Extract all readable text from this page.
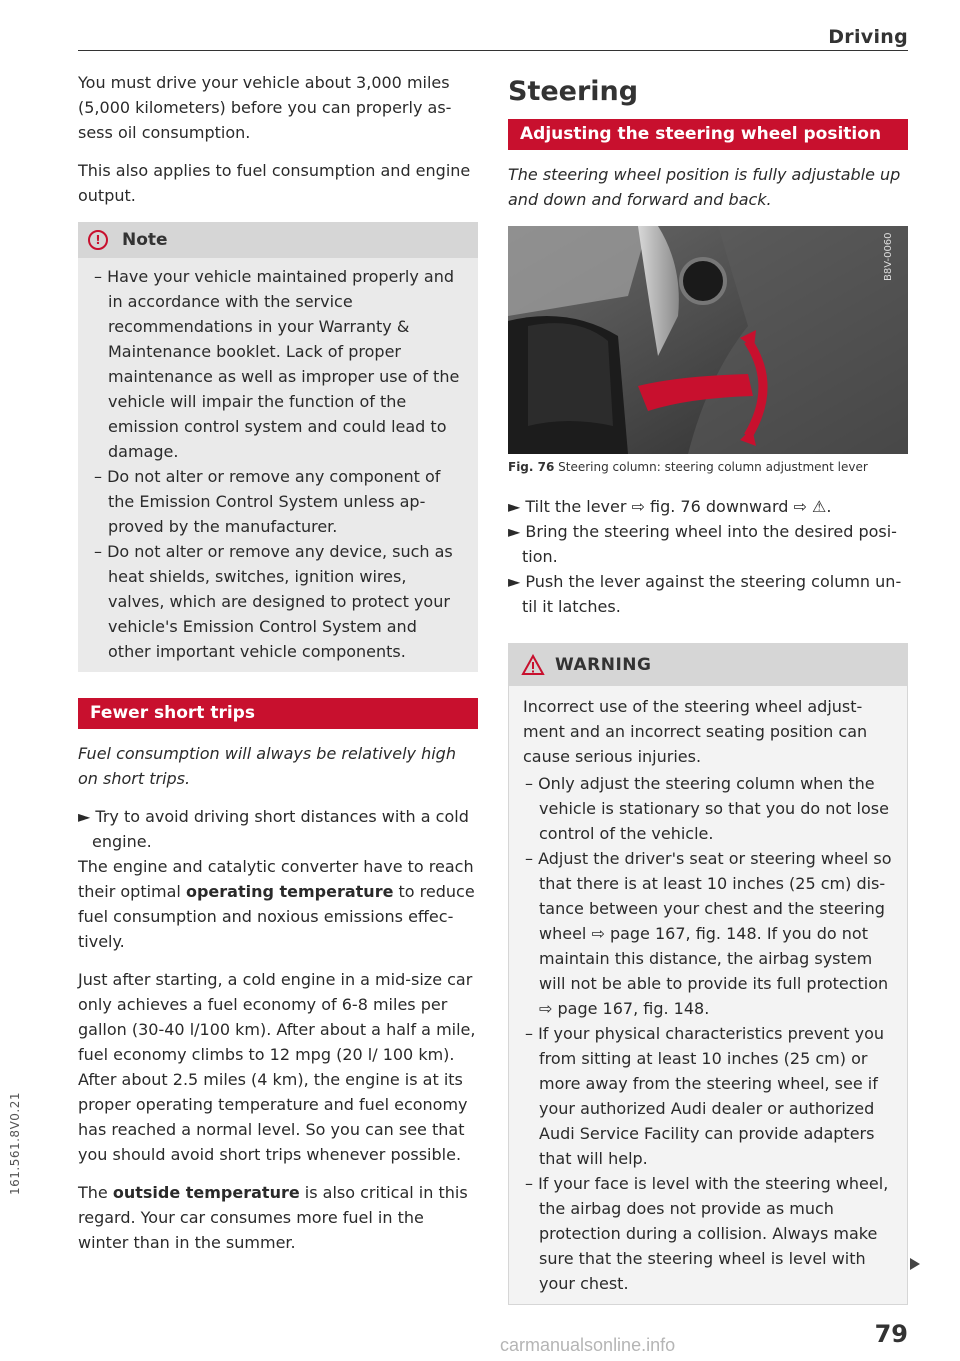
Driving

You must drive your vehicle about 3,000 miles (5,000 kilometers) before you can properly assess oil consumption.

This also applies to fuel consumption and engine output.

!	Note

– Have your vehicle maintained properly and in accordance with the service recommendations in your Warranty & Maintenance booklet. Lack of proper maintenance as well as improper use of the vehicle will impair the function of the emission control system and could lead to damage.

– Do not alter or remove any component of the Emission Control System unless approved by the manufacturer.

– Do not alter or remove any device, such as heat shields, switches, ignition wires, valves, which are designed to protect your vehicle's Emission Control System and other important vehicle components.

Fewer short trips

Fuel consumption will always be relatively high on short trips.

► Try to avoid driving short distances with a cold engine.

The engine and catalytic converter have to reach their optimal operating temperature to reduce fuel consumption and noxious emissions effectively.

Just after starting, a cold engine in a mid-size car only achieves a fuel economy of 6-8 miles per gallon (30-40 l/100 km). After about a half a mile, fuel economy climbs to 12 mpg (20 l/ 100 km). After about 2.5 miles (4 km), the engine is at its proper operating temperature and fuel economy has reached a normal level. So you can see that you should avoid short trips whenever possible.

The outside temperature is also critical in this regard. Your car consumes more fuel in the winter than in the summer.

Steering
Adjusting the steering wheel position

The steering wheel position is fully adjustable up and down and forward and back.

B8V-0060
Fig. 76 Steering column: steering column adjustment lever

► Tilt the lever ⇨ fig. 76 downward ⇨ ⚠.

► Bring the steering wheel into the desired position.

► Push the lever against the steering column until it latches.

WARNING

Incorrect use of the steering wheel adjustment and an incorrect seating position can cause serious injuries.

– Only adjust the steering column when the vehicle is stationary so that you do not lose control of the vehicle.

– Adjust the driver's seat or steering wheel so that there is at least 10 inches (25 cm) distance between your chest and the steering wheel ⇨ page 167, fig. 148. If you do not maintain this distance, the airbag system will not be able to provide its full protection ⇨ page 167, fig. 148.

– If your physical characteristics prevent you from sitting at least 10 inches (25 cm) or more away from the steering wheel, see if your authorized Audi dealer or authorized Audi Service Facility can provide adapters that will help.

– If your face is level with the steering wheel, the airbag does not provide as much protection during a collision. Always make sure that the steering wheel is level with your chest.

79
161.561.8V0.21
carmanualsonline.info
